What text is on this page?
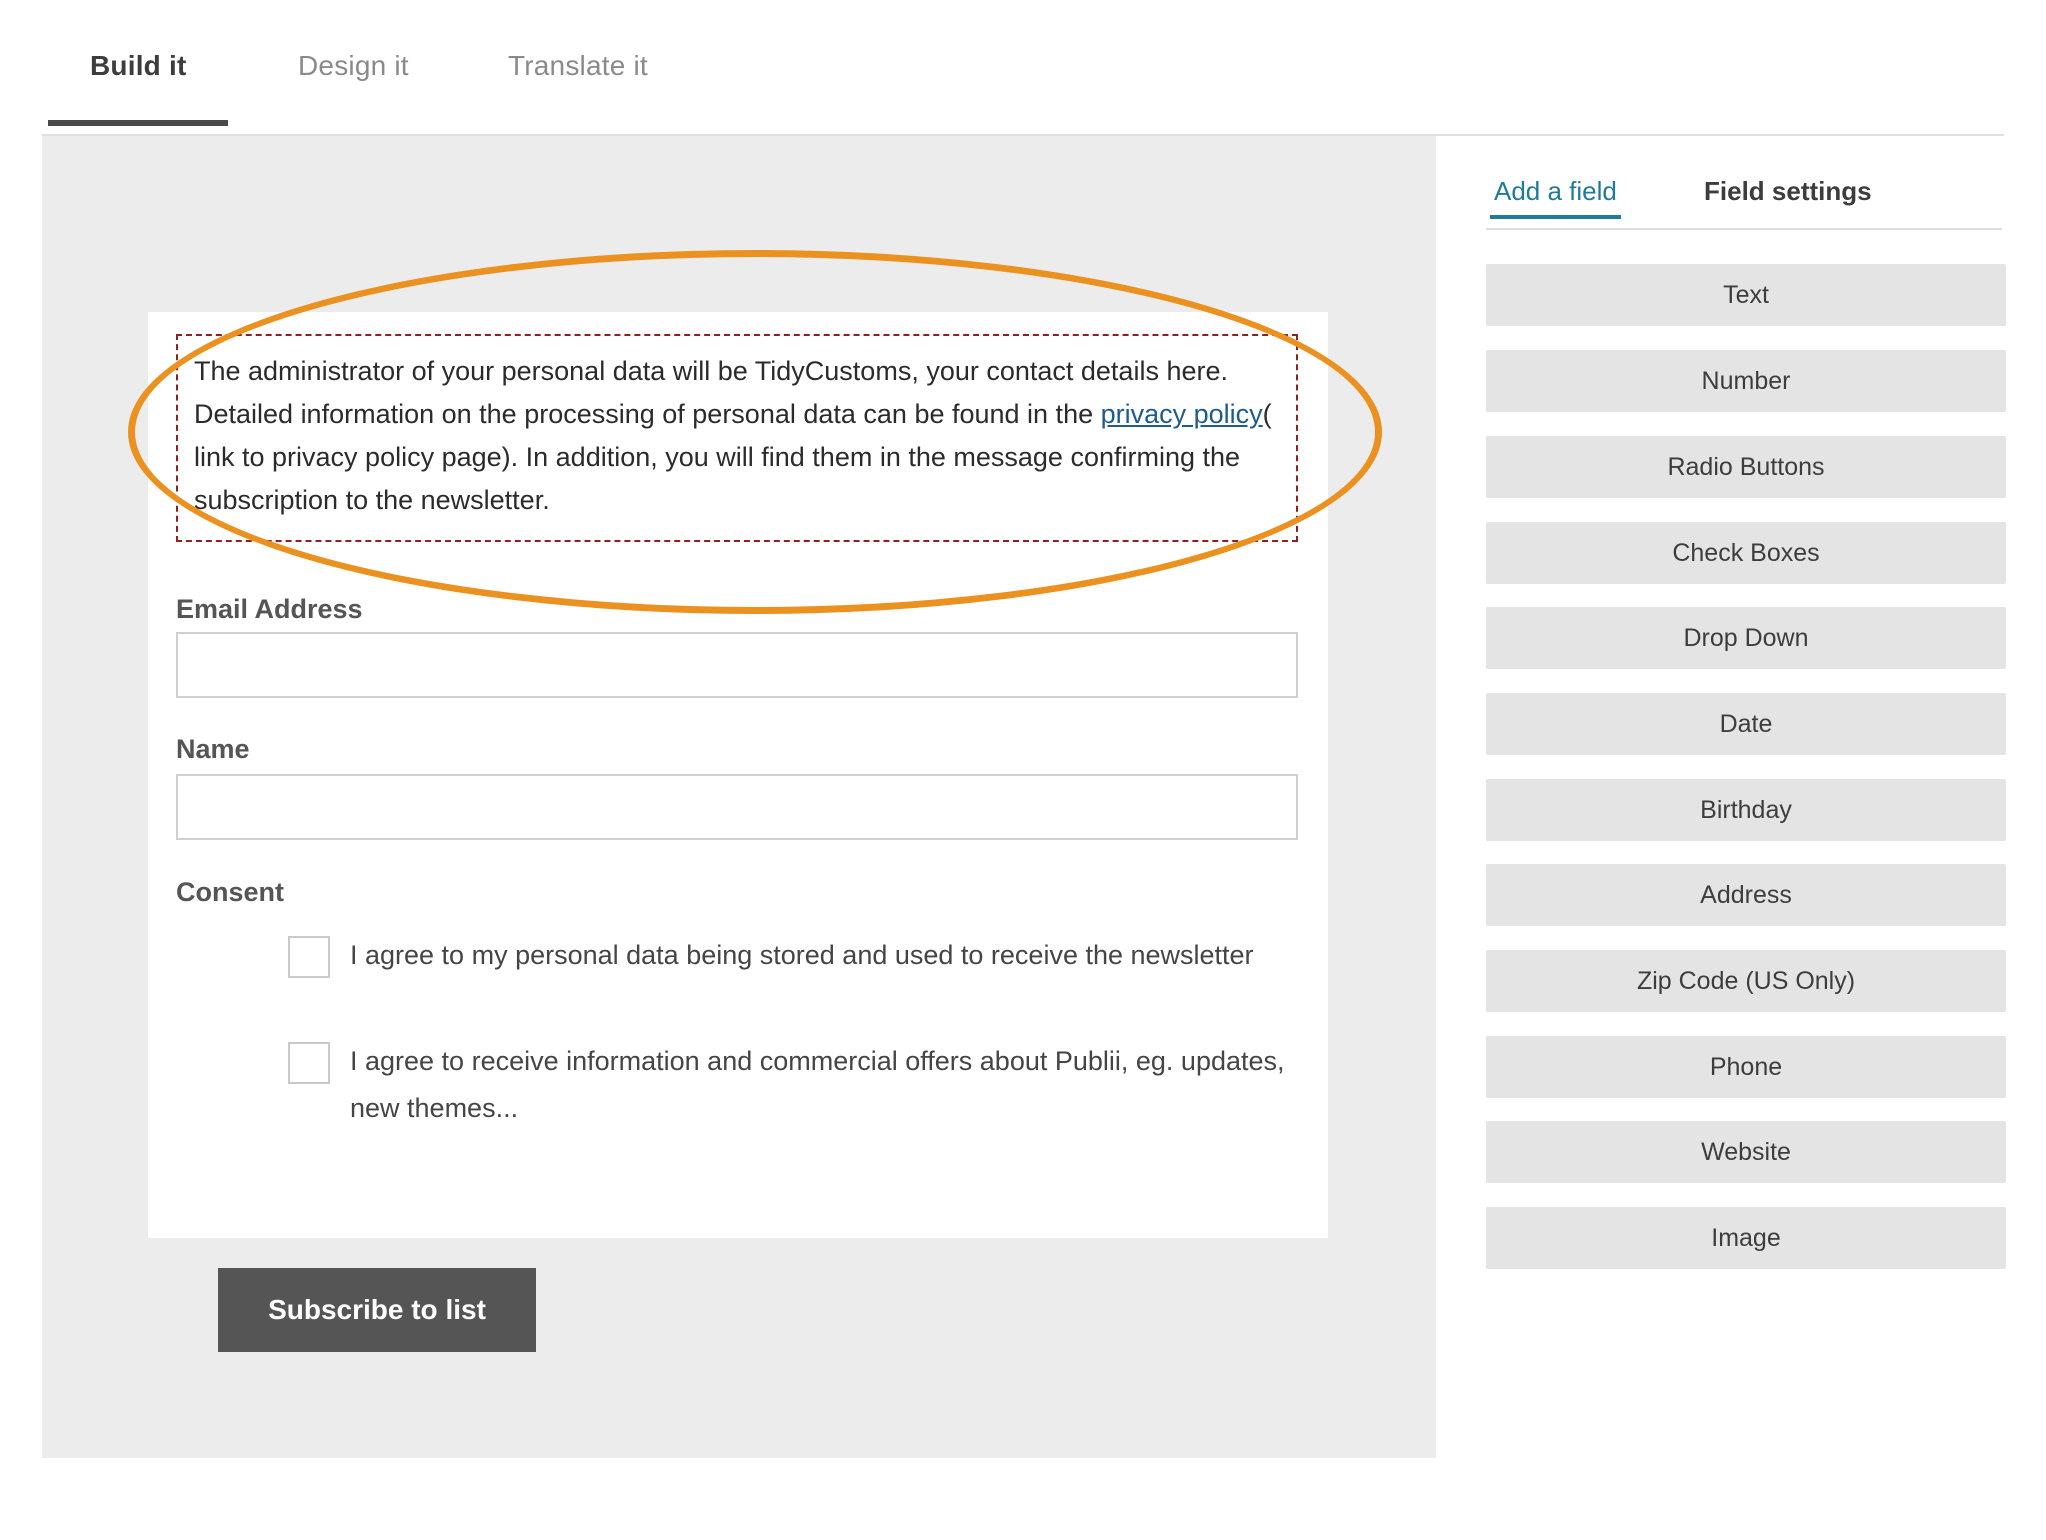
Build it	Design it	Translate it

The administrator of your personal data will be TidyCustoms, your contact details here. Detailed information on the processing of personal data can be found in the privacy policy( link to privacy policy page). In addition, you will find them in the message confirming the subscription to the newsletter.

Email Address
Name
Consent
I agree to my personal data being stored and used to receive the newsletter
I agree to receive information and commercial offers about Publii, eg. updates, new themes...
Subscribe to list
Add a field	Field settings
Text
Number
Radio Buttons
Check Boxes
Drop Down
Date
Birthday
Address
Zip Code (US Only)
Phone
Website
Image
